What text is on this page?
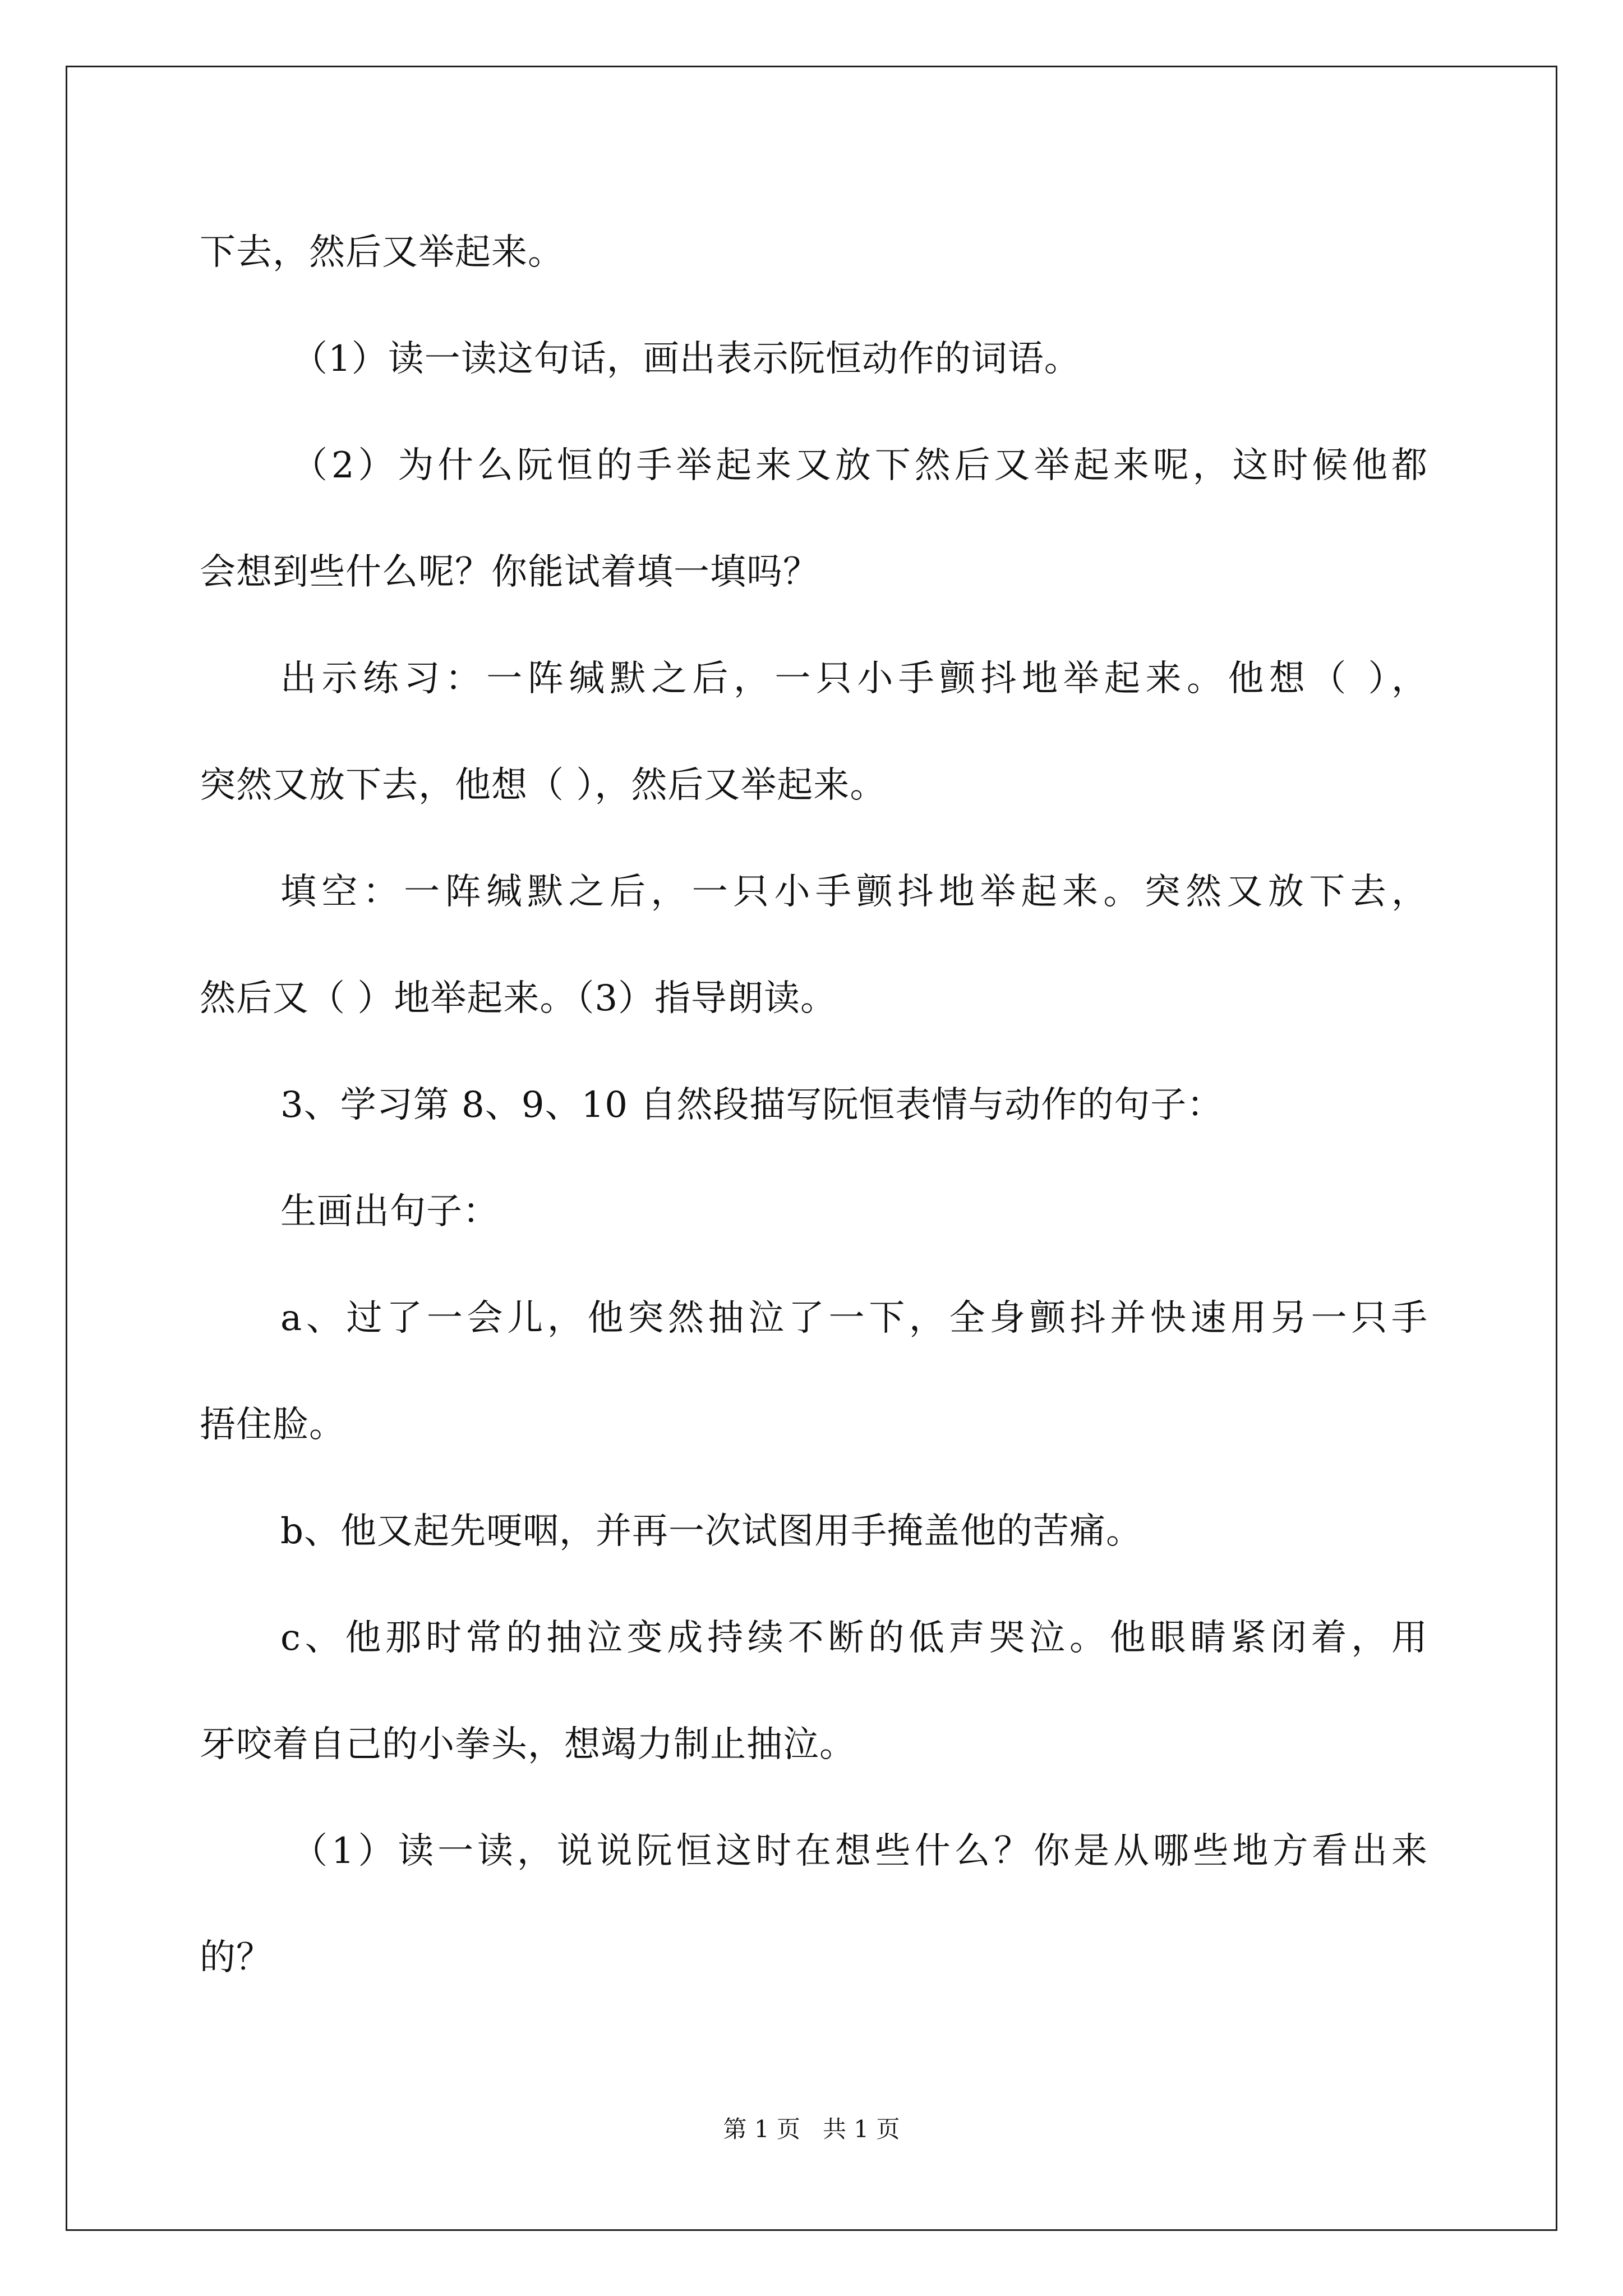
下去，然后又举起来。
（1）读一读这句话，画出表示阮恒动作的词语。
（2）为什么阮恒的手举起来又放下然后又举起来呢，这时候他都
会想到些什么呢？你能试着填一填吗？
出示练习：一阵缄默之后，一只小手颤抖地举起来。他想（ ），
突然又放下去，他想（ ），然后又举起来。
填空：一阵缄默之后，一只小手颤抖地举起来。突然又放下去，
然后又（ ）地举起来。（3）指导朗读。
3、学习第 8、9、10 自然段描写阮恒表情与动作的句子：
生画出句子：
a、过了一会儿，他突然抽泣了一下，全身颤抖并快速用另一只手
捂住脸。
b、他又起先哽咽，并再一次试图用手掩盖他的苦痛。
c、他那时常的抽泣变成持续不断的低声哭泣。他眼睛紧闭着，用
牙咬着自己的小拳头，想竭力制止抽泣。
（1）读一读，说说阮恒这时在想些什么？你是从哪些地方看出来
的？
第 1 页   共 1 页
